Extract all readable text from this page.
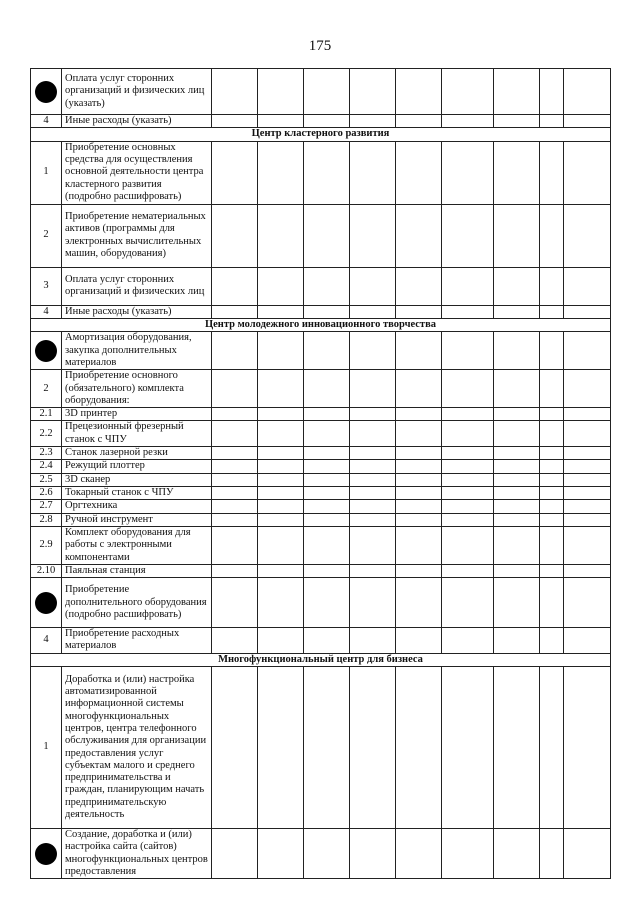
175
	Оплата услуг сторонних организаций и физических лиц (указать)									
4	Иные расходы (указать)									
Центр кластерного развития										
1	Приобретение основных средства для осуществления основной деятельности центра кластерного развития (подробно расшифровать)									
2	Приобретение нематериальных активов (программы для электронных вычислительных машин, оборудования)									
3	Оплата услуг сторонних организаций и физических лиц									
4	Иные расходы (указать)									
Центр молодежного инновационного творчества										
	Амортизация оборудования, закупка дополнительных материалов									
2	Приобретение основного (обязательного) комплекта оборудования:									
2.1	3D принтер									
2.2	Прецезионный фрезерный станок с ЧПУ									
2.3	Станок лазерной резки									
2.4	Режущий плоттер									
2.5	3D сканер									
2.6	Токарный станок с ЧПУ									
2.7	Оргтехника									
2.8	Ручной инструмент									
2.9	Комплект оборудования для работы с электронными компонентами									
2.10	Паяльная станция									
	Приобретение дополнительного оборудования (подробно расшифровать)									
4	Приобретение расходных материалов									
Многофункциональный центр для бизнеса										
1	Доработка и (или) настройка автоматизированной информационной системы многофункциональных центров, центра телефонного обслуживания для организации предоставления услуг субъектам малого и среднего предпринимательства и граждан, планирующим начать предпринимательскую деятельность									

2	Создание, доработка и (или) настройка сайта (сайтов) многофункциональных центров предоставления									
